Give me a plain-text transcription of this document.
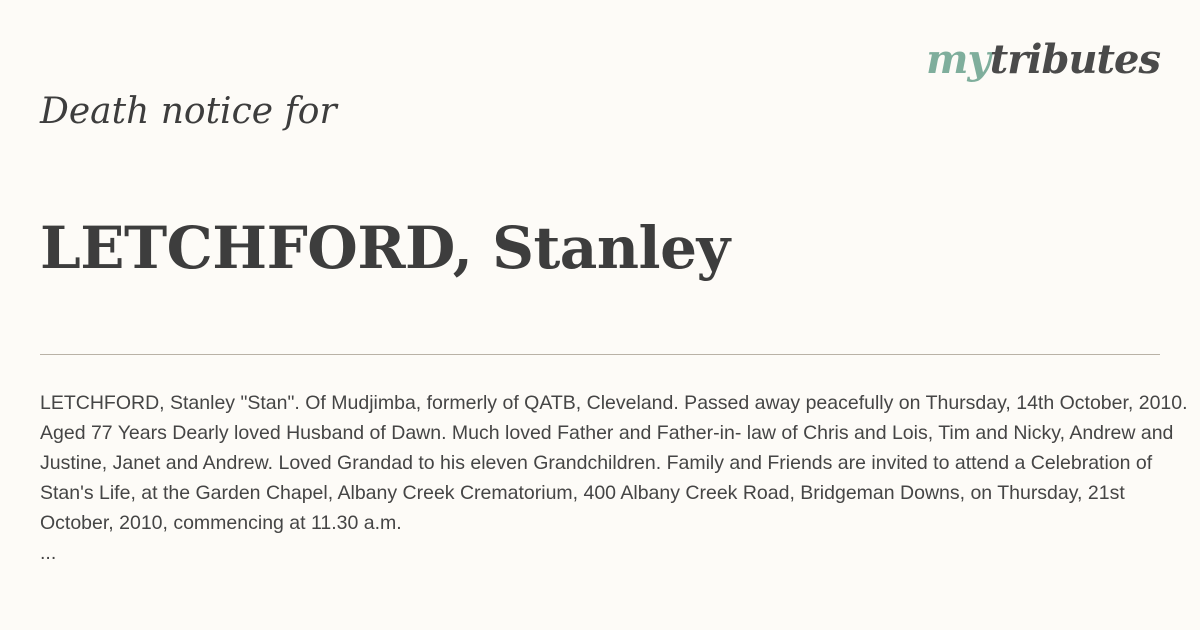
mytributes
Death notice for
LETCHFORD, Stanley

LETCHFORD, Stanley "Stan". Of Mudjimba, formerly of QATB, Cleveland. Passed away peacefully on Thursday, 14th October, 2010. Aged 77 Years Dearly loved Husband of Dawn. Much loved Father and Father-in- law of Chris and Lois, Tim and Nicky, Andrew and Justine, Janet and Andrew. Loved Grandad to his eleven Grandchildren. Family and Friends are invited to attend a Celebration of Stan's Life, at the Garden Chapel, Albany Creek Crematorium, 400 Albany Creek Road, Bridgeman Downs, on Thursday, 21st October, 2010, commencing at 11.30 a.m.
...
